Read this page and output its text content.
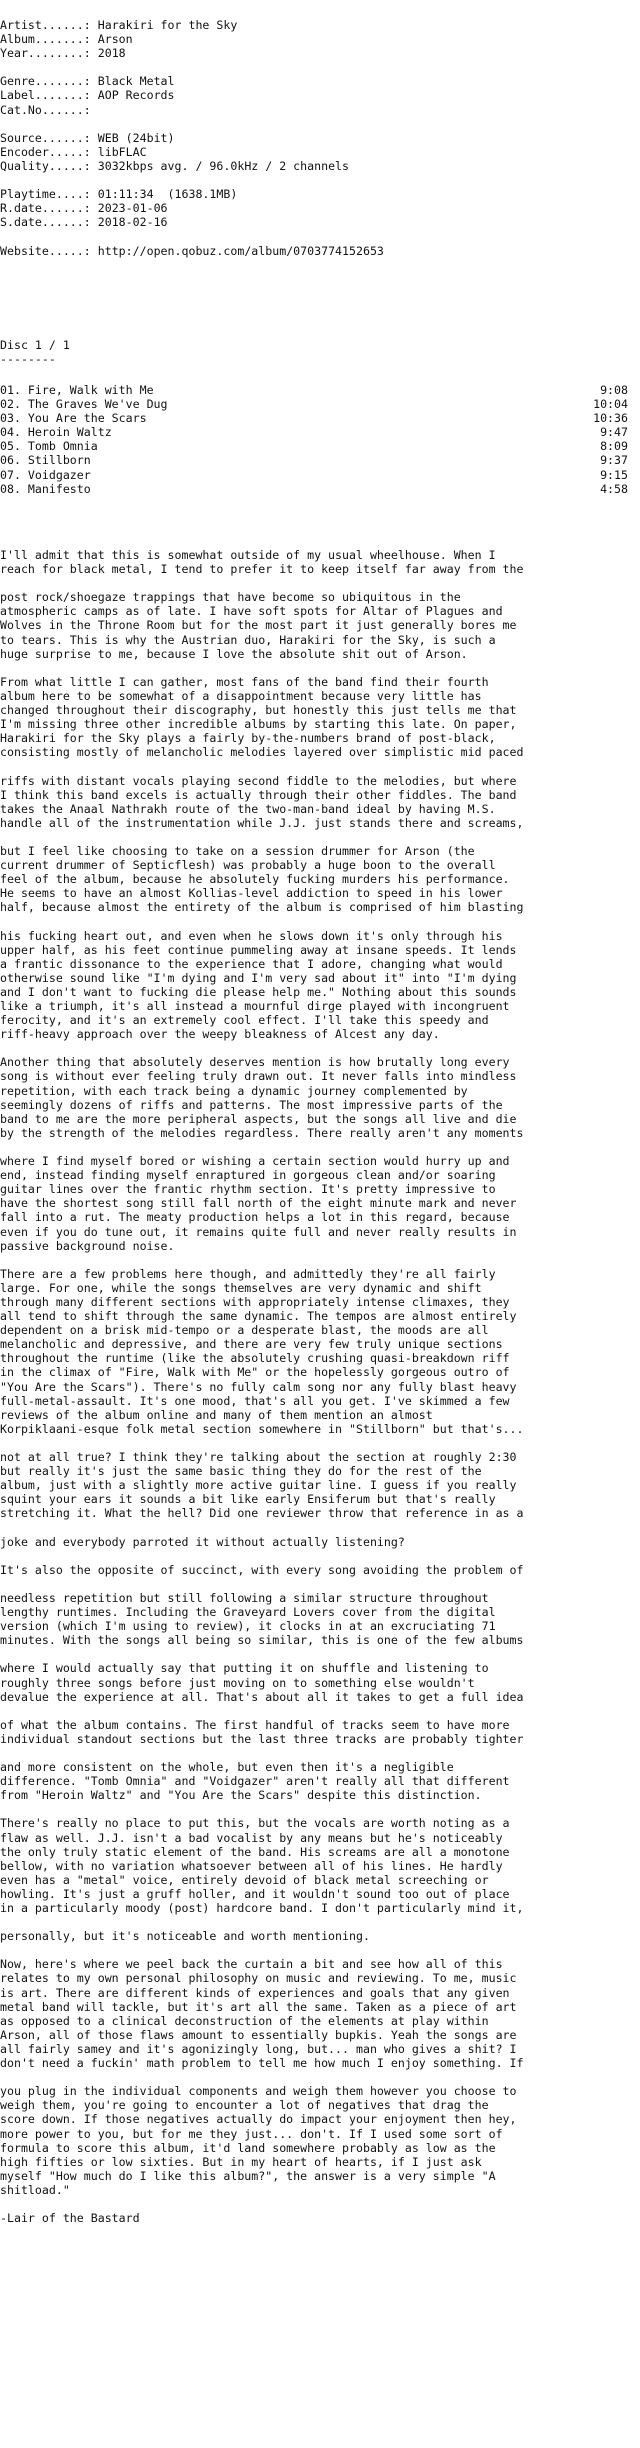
Artist......: Harakiri for the Sky
Album.......: Arson
Year........: 2018
Genre.......: Black Metal
Label.......: AOP Records
Cat.No......:
Source......: WEB (24bit)
Encoder.....: libFLAC
Quality.....: 3032kbps avg. / 96.0kHz / 2 channels
Playtime....: 01:11:34  (1638.1MB)
R.date......: 2023-01-06
S.date......: 2018-02-16
Website.....: http://open.qobuz.com/album/0703774152653
Disc 1 / 1
--------
01. Fire, Walk with Me	9:08
02. The Graves We've Dug	10:04
03. You Are the Scars	10:36
04. Heroin Waltz	9:47
05. Tomb Omnia	8:09
06. Stillborn	9:37
07. Voidgazer	9:15
08. Manifesto	4:58

I'll admit that this is somewhat outside of my usual wheelhouse. When I
reach for black metal, I tend to prefer it to keep itself far away from the

post rock/shoegaze trappings that have become so ubiquitous in the
atmospheric camps as of late. I have soft spots for Altar of Plagues and
Wolves in the Throne Room but for the most part it just generally bores me
to tears. This is why the Austrian duo, Harakiri for the Sky, is such a
huge surprise to me, because I love the absolute shit out of Arson.

From what little I can gather, most fans of the band find their fourth
album here to be somewhat of a disappointment because very little has
changed throughout their discography, but honestly this just tells me that
I'm missing three other incredible albums by starting this late. On paper,
Harakiri for the Sky plays a fairly by-the-numbers brand of post-black,
consisting mostly of melancholic melodies layered over simplistic mid paced

riffs with distant vocals playing second fiddle to the melodies, but where
I think this band excels is actually through their other fiddles. The band
takes the Anaal Nathrakh route of the two-man-band ideal by having M.S.
handle all of the instrumentation while J.J. just stands there and screams,

but I feel like choosing to take on a session drummer for Arson (the
current drummer of Septicflesh) was probably a huge boon to the overall
feel of the album, because he absolutely fucking murders his performance.
He seems to have an almost Kollias-level addiction to speed in his lower
half, because almost the entirety of the album is comprised of him blasting

his fucking heart out, and even when he slows down it's only through his
upper half, as his feet continue pummeling away at insane speeds. It lends
a frantic dissonance to the experience that I adore, changing what would
otherwise sound like "I'm dying and I'm very sad about it" into "I'm dying
and I don't want to fucking die please help me." Nothing about this sounds
like a triumph, it's all instead a mournful dirge played with incongruent
ferocity, and it's an extremely cool effect. I'll take this speedy and
riff-heavy approach over the weepy bleakness of Alcest any day.

Another thing that absolutely deserves mention is how brutally long every
song is without ever feeling truly drawn out. It never falls into mindless
repetition, with each track being a dynamic journey complemented by
seemingly dozens of riffs and patterns. The most impressive parts of the
band to me are the more peripheral aspects, but the songs all live and die
by the strength of the melodies regardless. There really aren't any moments

where I find myself bored or wishing a certain section would hurry up and
end, instead finding myself enraptured in gorgeous clean and/or soaring
guitar lines over the frantic rhythm section. It's pretty impressive to
have the shortest song still fall north of the eight minute mark and never
fall into a rut. The meaty production helps a lot in this regard, because
even if you do tune out, it remains quite full and never really results in
passive background noise.

There are a few problems here though, and admittedly they're all fairly
large. For one, while the songs themselves are very dynamic and shift
through many different sections with appropriately intense climaxes, they
all tend to shift through the same dynamic. The tempos are almost entirely
dependent on a brisk mid-tempo or a desperate blast, the moods are all
melancholic and depressive, and there are very few truly unique sections
throughout the runtime (like the absolutely crushing quasi-breakdown riff
in the climax of "Fire, Walk with Me" or the hopelessly gorgeous outro of
"You Are the Scars"). There's no fully calm song nor any fully blast heavy
full-metal-assault. It's one mood, that's all you get. I've skimmed a few
reviews of the album online and many of them mention an almost
Korpiklaani-esque folk metal section somewhere in "Stillborn" but that's...

not at all true? I think they're talking about the section at roughly 2:30
but really it's just the same basic thing they do for the rest of the
album, just with a slightly more active guitar line. I guess if you really
squint your ears it sounds a bit like early Ensiferum but that's really
stretching it. What the hell? Did one reviewer throw that reference in as a

joke and everybody parroted it without actually listening?

It's also the opposite of succinct, with every song avoiding the problem of

needless repetition but still following a similar structure throughout
lengthy runtimes. Including the Graveyard Lovers cover from the digital
version (which I'm using to review), it clocks in at an excruciating 71
minutes. With the songs all being so similar, this is one of the few albums

where I would actually say that putting it on shuffle and listening to
roughly three songs before just moving on to something else wouldn't
devalue the experience at all. That's about all it takes to get a full idea

of what the album contains. The first handful of tracks seem to have more
individual standout sections but the last three tracks are probably tighter

and more consistent on the whole, but even then it's a negligible
difference. "Tomb Omnia" and "Voidgazer" aren't really all that different
from "Heroin Waltz" and "You Are the Scars" despite this distinction.

There's really no place to put this, but the vocals are worth noting as a
flaw as well. J.J. isn't a bad vocalist by any means but he's noticeably
the only truly static element of the band. His screams are all a monotone
bellow, with no variation whatsoever between all of his lines. He hardly
even has a "metal" voice, entirely devoid of black metal screeching or
howling. It's just a gruff holler, and it wouldn't sound too out of place
in a particularly moody (post) hardcore band. I don't particularly mind it,

personally, but it's noticeable and worth mentioning.

Now, here's where we peel back the curtain a bit and see how all of this
relates to my own personal philosophy on music and reviewing. To me, music
is art. There are different kinds of experiences and goals that any given
metal band will tackle, but it's art all the same. Taken as a piece of art
as opposed to a clinical deconstruction of the elements at play within
Arson, all of those flaws amount to essentially bupkis. Yeah the songs are
all fairly samey and it's agonizingly long, but... man who gives a shit? I
don't need a fuckin' math problem to tell me how much I enjoy something. If

you plug in the individual components and weigh them however you choose to
weigh them, you're going to encounter a lot of negatives that drag the
score down. If those negatives actually do impact your enjoyment then hey,
more power to you, but for me they just... don't. If I used some sort of
formula to score this album, it'd land somewhere probably as low as the
high fifties or low sixties. But in my heart of hearts, if I just ask
myself "How much do I like this album?", the answer is a very simple "A
shitload."

-Lair of the Bastard
